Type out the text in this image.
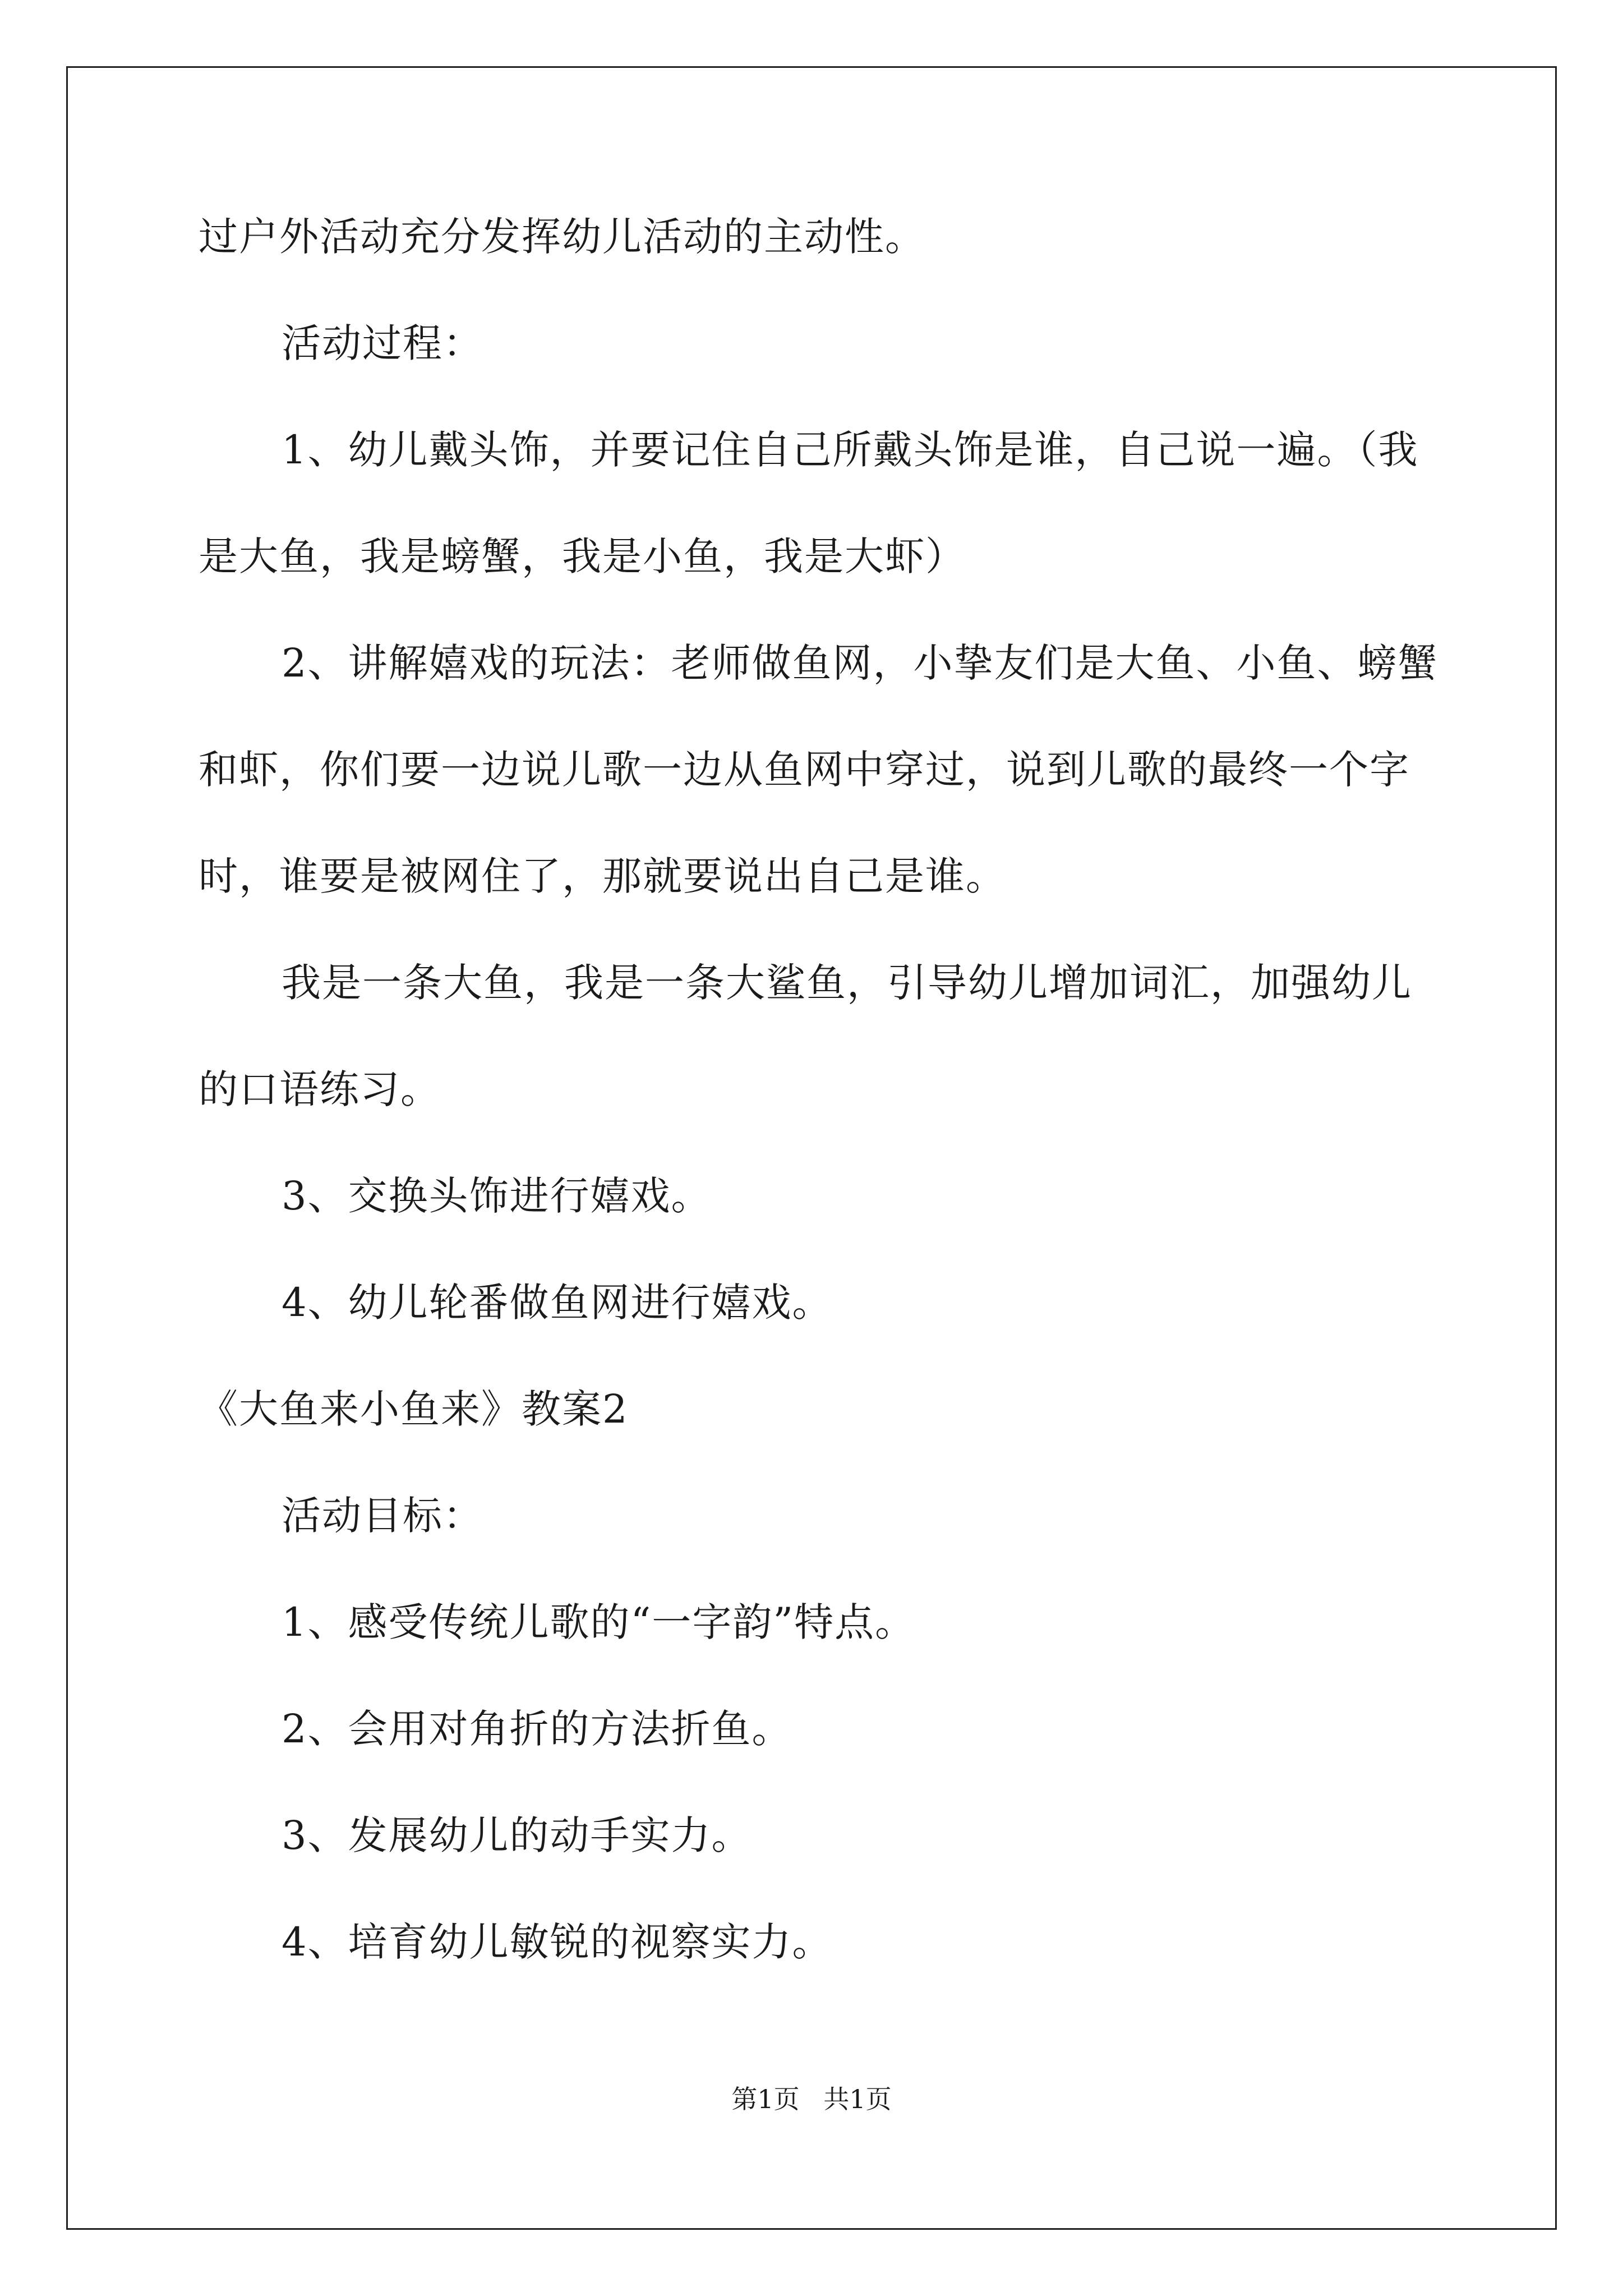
过户外活动充分发挥幼儿活动的主动性。
活动过程：
1、幼儿戴头饰，并要记住自己所戴头饰是谁，自己说一遍。（我
是大鱼，我是螃蟹，我是小鱼，我是大虾）
2、讲解嬉戏的玩法：老师做鱼网，小挚友们是大鱼、小鱼、螃蟹
和虾，你们要一边说儿歌一边从鱼网中穿过，说到儿歌的最终一个字
时，谁要是被网住了，那就要说出自己是谁。
我是一条大鱼，我是一条大鲨鱼，引导幼儿增加词汇，加强幼儿
的口语练习。
3、交换头饰进行嬉戏。
4、幼儿轮番做鱼网进行嬉戏。
《大鱼来小鱼来》教案2
活动目标：
1、感受传统儿歌的“一字韵”特点。
2、会用对角折的方法折鱼。
3、发展幼儿的动手实力。
4、培育幼儿敏锐的视察实力。
第1页 共1页
